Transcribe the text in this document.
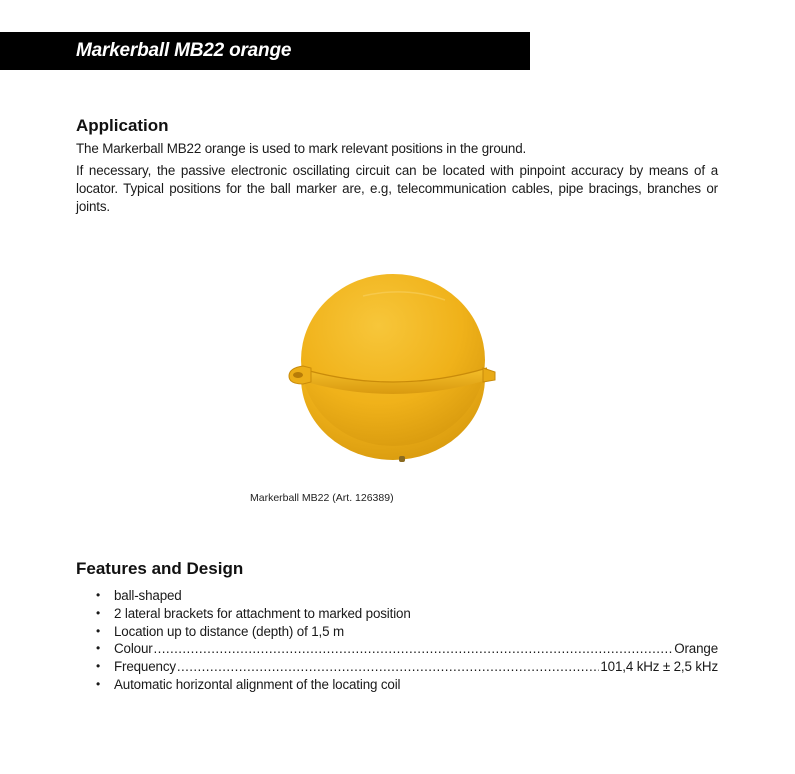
Markerball MB22 orange
Application

The Markerball MB22 orange is used to mark relevant positions in the ground.

If necessary, the passive electronic oscillating circuit can be located with pinpoint accuracy by means of a locator. Typical positions for the ball marker are, e.g, telecommunication cables, pipe bracings, branches or joints.

Markerball MB22 (Art. 126389)
Features and Design
• ball-shaped
• 2 lateral brackets for attachment to marked position
• Location up to distance (depth) of 1,5 m
• Colour .....	Orange
• Frequency .....	101,4 kHz ± 2,5 kHz
• Automatic horizontal alignment of the locating coil
